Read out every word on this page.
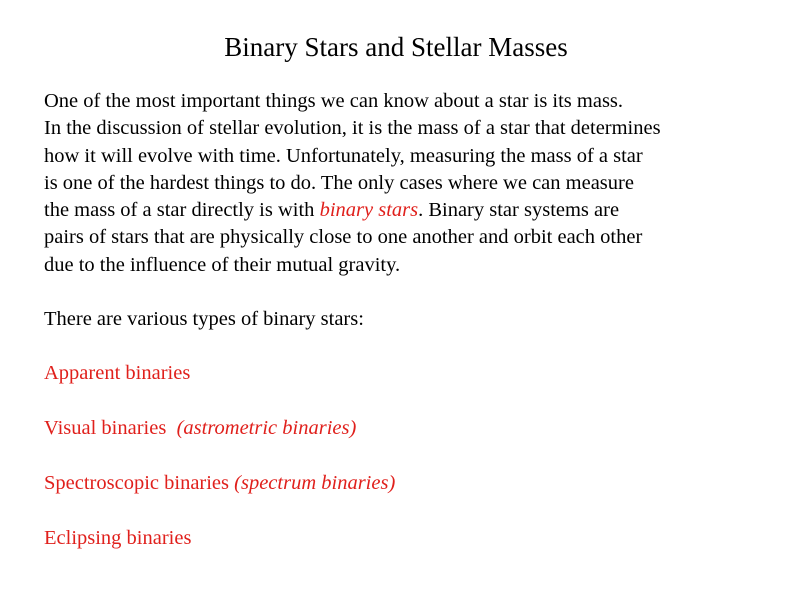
Binary Stars and Stellar Masses

One of the most important things we can know about a star is its mass.
In the discussion of stellar evolution, it is the mass of a star that determines
how it will evolve with time. Unfortunately, measuring the mass of a star
is one of the hardest things to do. The only cases where we can measure
the mass of a star directly is with binary stars. Binary star systems are
pairs of stars that are physically close to one another and orbit each other
due to the influence of their mutual gravity.

There are various types of binary stars:

Apparent binaries

Visual binaries (astrometric binaries)

Spectroscopic binaries (spectrum binaries)

Eclipsing binaries
